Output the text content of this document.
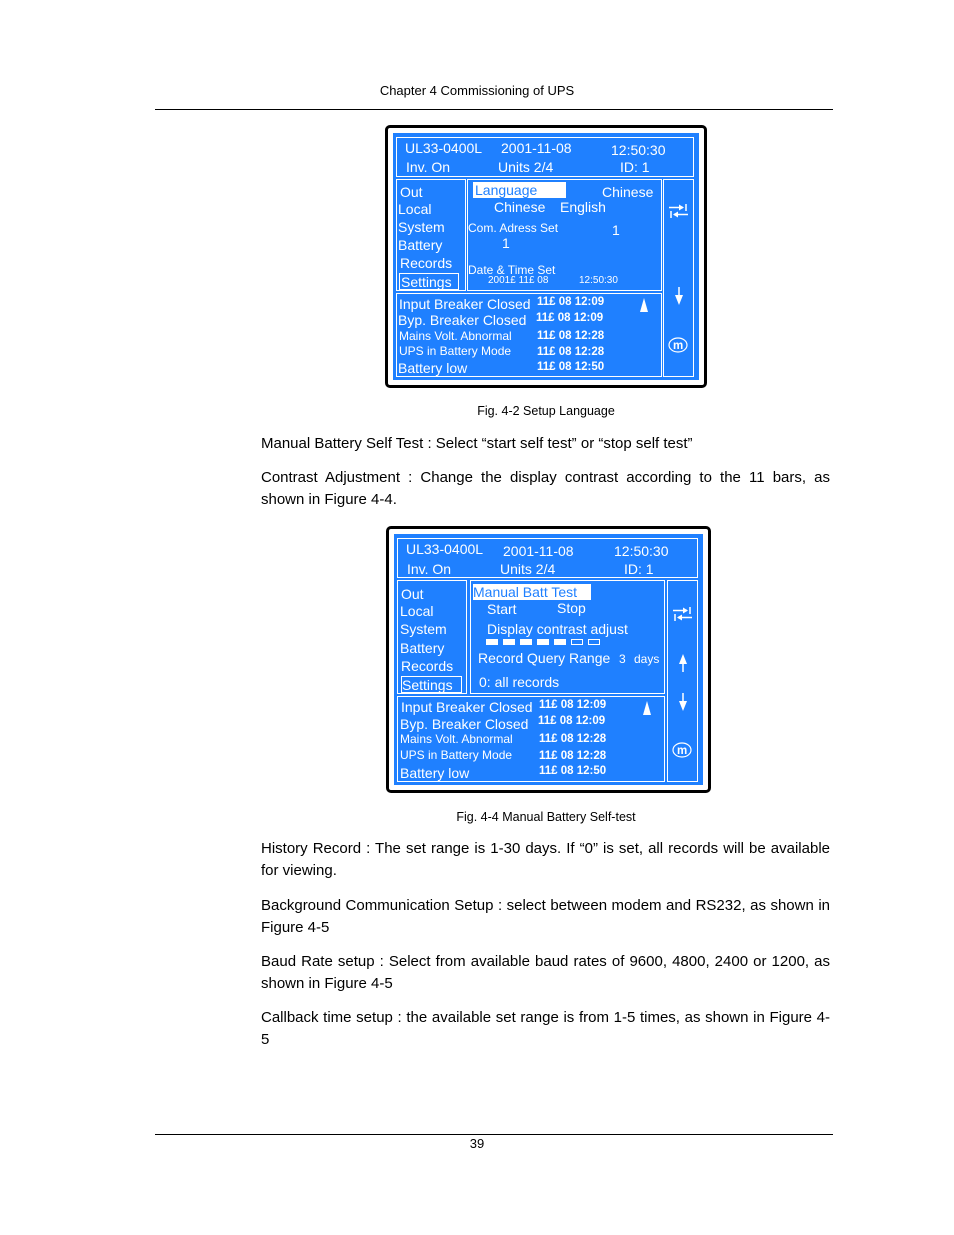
Chapter 4 Commissioning of UPS
UL33-0400L 2001-11-08	12:50:30
Inv. On	Units 2/4	ID: 1
Out
Local
System
Battery
Records
Settings
Language	Chinese
Chinese English
Com. Adress Set	1
1
Date & Time Set
2001£ 11£ 08	12:50:30
Input Breaker Closed 11£ 08 12:09
Byp. Breaker Closed 11£ 08 12:09
Mains Volt. Abnormal 11£ 08 12:28
UPS in Battery Mode 11£ 08 12:28
Battery low	11£ 08 12:50
m
Fig. 4-2 Setup Language
Manual Battery Self Test : Select “start self test” or “stop self test”
Contrast Adjustment : Change the display contrast according to the 11 bars, as shown in Figure 4-4.
UL33-0400L 2001-11-08	12:50:30
Inv. On	Units 2/4	ID: 1
Out
Local
System
Battery
Records
Settings
Manual Batt Test
Start	Stop
Display contrast adjust
Record Query Range 3 days
0: all records
Input Breaker Closed 11£ 08 12:09
Byp. Breaker Closed 11£ 08 12:09
Mains Volt. Abnormal 11£ 08 12:28
UPS in Battery Mode 11£ 08 12:28
Battery low	11£ 08 12:50
m
Fig. 4-4 Manual Battery Self-test
History Record : The set range is 1-30 days. If “0” is set, all records will be available for viewing.
Background Communication Setup : select between modem and RS232, as shown in Figure 4-5
Baud Rate setup : Select from available baud rates of 9600, 4800, 2400 or 1200, as shown in Figure 4-5
Callback time setup : the available set range is from 1-5 times, as shown in Figure 4-5
39
